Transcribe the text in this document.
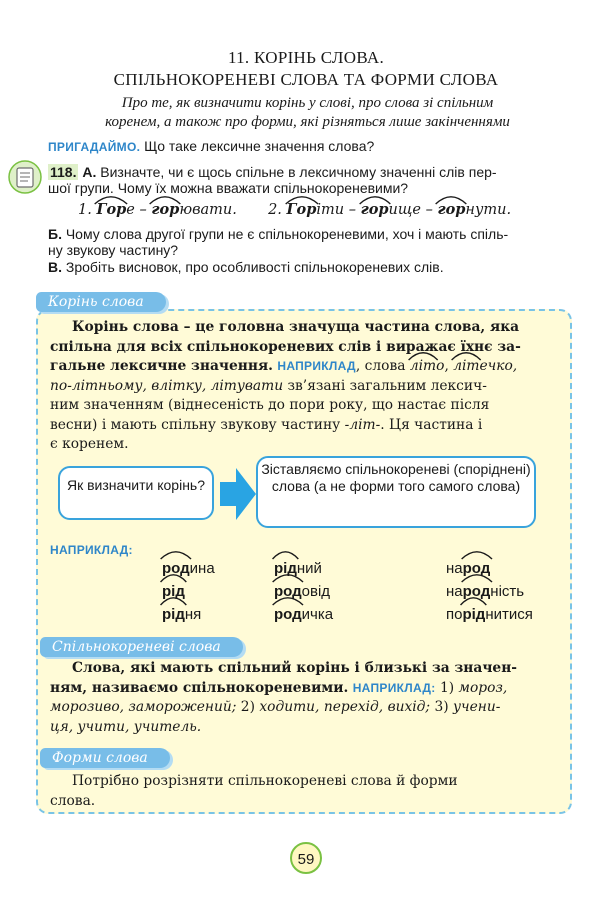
11. КОРІНЬ СЛОВА.
СПІЛЬНОКОРЕНЕВІ СЛОВА ТА ФОРМИ СЛОВА
Про те, як визначити корінь у слові, про слова зі спільним
коренем, а також про форми, які різняться лише закінченнями
ПРИГАДАЙМО. Що таке лексичне значення слова?
118. А. Визначте, чи є щось спільне в лексичному значенні слів пер-
шої групи. Чому їх можна вважати спільнокореневими?
1. Гор
е – гор
ювати. 2. Гор
іти – гор
ище – гор
нути.
Б. Чому слова другої групи не є спільнокореневими, хоч і мають спіль-
ну звукову частину?
В. Зробіть висновок, про особливості спільнокореневих слів.
Корінь слова
Корінь слова – це головна значуща частина слова, яка
спільна для всіх спільнокореневих слів і виражає їхнє за-
гальне лексичне значення. НАПРИКЛАД, слова літ
о, літ
ечко,
по-літньому, влітку, літувати зв’язані загальним лексич-
ним значенням (віднесеність до пори року, що настає після
весни) і мають спільну звукову частину -літ-. Ця частина і
є коренем.
Як визначити корінь?
Зіставляємо спільнокореневі (споріднені) слова (а не форми того самого слова)
НАПРИКЛАД:
род
ина
рід
рід
ня
рід
ний
род
овід
род
ичка
народ
народ
ність
порід
нитися
Спільнокореневі слова
Слова, які мають спільний корінь і близькі за значен-
ням, називаємо спільнокореневими. НАПРИКЛАД: 1) мороз,
морозиво, заморожений; 2) ходити, перехід, вихід; 3) учени-
ця, учити, учитель.
Форми слова
Потрібно розрізняти спільнокореневі слова й форми
слова.
59
